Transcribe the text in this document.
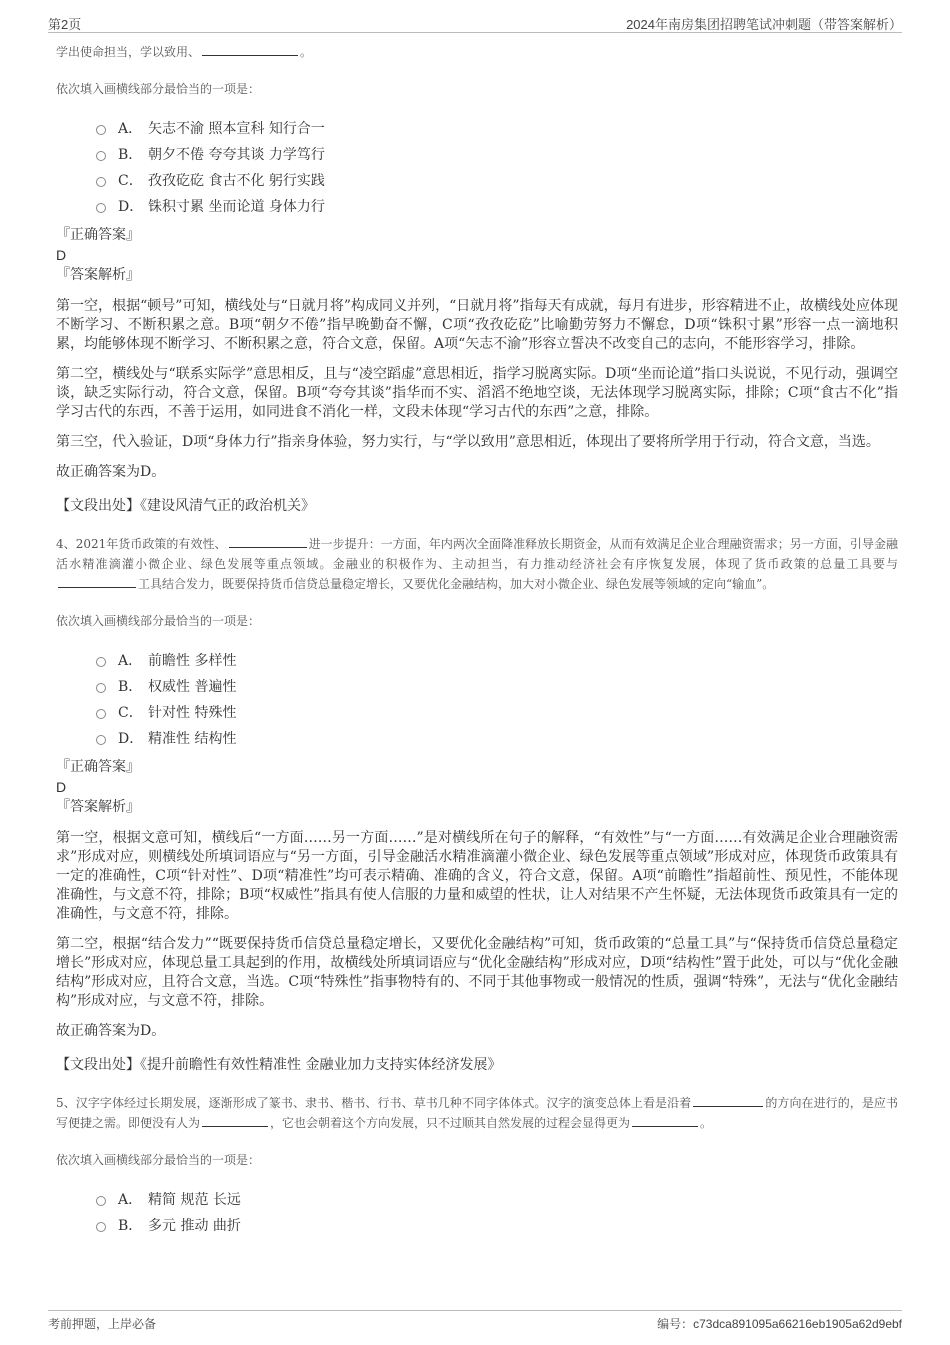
第2页	2024年南房集团招聘笔试冲刺题（带答案解析）
学出使命担当，学以致用、	。
依次填入画横线部分最恰当的一项是：
A． 矢志不渝 照本宣科 知行合一
B． 朝夕不倦 夸夸其谈 力学笃行
C． 孜孜矻矻 食古不化 躬行实践
D． 铢积寸累 坐而论道 身体力行
『正确答案』
D
『答案解析』

第一空，根据“顿号”可知，横线处与“日就月将”构成同义并列，“日就月将”指每天有成就，每月有进步，形容精进不止，故横线处应体现不断学习、不断积累之意。B项“朝夕不倦”指早晚勤奋不懈，C项“孜孜矻矻”比喻勤劳努力不懈怠，D项“铢积寸累”形容一点一滴地积累，均能够体现不断学习、不断积累之意，符合文意，保留。A项“矢志不渝”形容立誓决不改变自己的志向，不能形容学习，排除。

第二空，横线处与“联系实际学”意思相反，且与“凌空蹈虚”意思相近，指学习脱离实际。D项“坐而论道”指口头说说，不见行动，强调空谈，缺乏实际行动，符合文意，保留。B项“夸夸其谈”指华而不实、滔滔不绝地空谈，无法体现学习脱离实际，排除；C项“食古不化”指学习古代的东西，不善于运用，如同进食不消化一样，文段未体现“学习古代的东西”之意，排除。

第三空，代入验证，D项“身体力行”指亲身体验，努力实行，与“学以致用”意思相近，体现出了要将所学用于行动，符合文意，当选。

故正确答案为D。

【文段出处】《建设风清气正的政治机关》

4、2021年货币政策的有效性、	进一步提升：一方面，年内两次全面降准释放长期资金，从而有效满足企业合理融资需求；另一方面，引导金融活水精准滴灌小微企业、绿色发展等重点领域。金融业的积极作为、主动担当，有力推动经济社会有序恢复发展，体现了货币政策的总量工具要与工具结合发力，既要保持货币信贷总量稳定增长，又要优化金融结构，加大对小微企业、绿色发展等领域的定向“输血”。
依次填入画横线部分最恰当的一项是：
A． 前瞻性 多样性
B． 权威性 普遍性
C． 针对性 特殊性
D． 精准性 结构性
『正确答案』
D
『答案解析』

第一空，根据文意可知，横线后“一方面……另一方面……”是对横线所在句子的解释，“有效性”与“一方面……有效满足企业合理融资需求”形成对应，则横线处所填词语应与“另一方面，引导金融活水精准滴灌小微企业、绿色发展等重点领域”形成对应，体现货币政策具有一定的准确性，C项“针对性”、D项“精准性”均可表示精确、准确的含义，符合文意，保留。A项“前瞻性”指超前性、预见性，不能体现准确性，与文意不符，排除；B项“权威性”指具有使人信服的力量和威望的性状，让人对结果不产生怀疑，无法体现货币政策具有一定的准确性，与文意不符，排除。

第二空，根据“结合发力”“既要保持货币信贷总量稳定增长，又要优化金融结构”可知，货币政策的“总量工具”与“保持货币信贷总量稳定增长”形成对应，体现总量工具起到的作用，故横线处所填词语应与“优化金融结构”形成对应，D项“结构性”置于此处，可以与“优化金融结构”形成对应，且符合文意，当选。C项“特殊性”指事物特有的、不同于其他事物或一般情况的性质，强调“特殊”，无法与“优化金融结构”形成对应，与文意不符，排除。

故正确答案为D。

【文段出处】《提升前瞻性有效性精准性 金融业加力支持实体经济发展》

5、汉字字体经过长期发展，逐渐形成了篆书、隶书、楷书、行书、草书几种不同字体体式。汉字的演变总体上看是沿着	的方向在进行的，是应书写便捷之需。即便没有人为	，它也会朝着这个方向发展，只不过顺其自然发展的过程会显得更为	。
依次填入画横线部分最恰当的一项是：
A． 精简 规范 长远
B． 多元 推动 曲折
考前押题，上岸必备	编号：c73dca891095a66216eb1905a62d9ebf
